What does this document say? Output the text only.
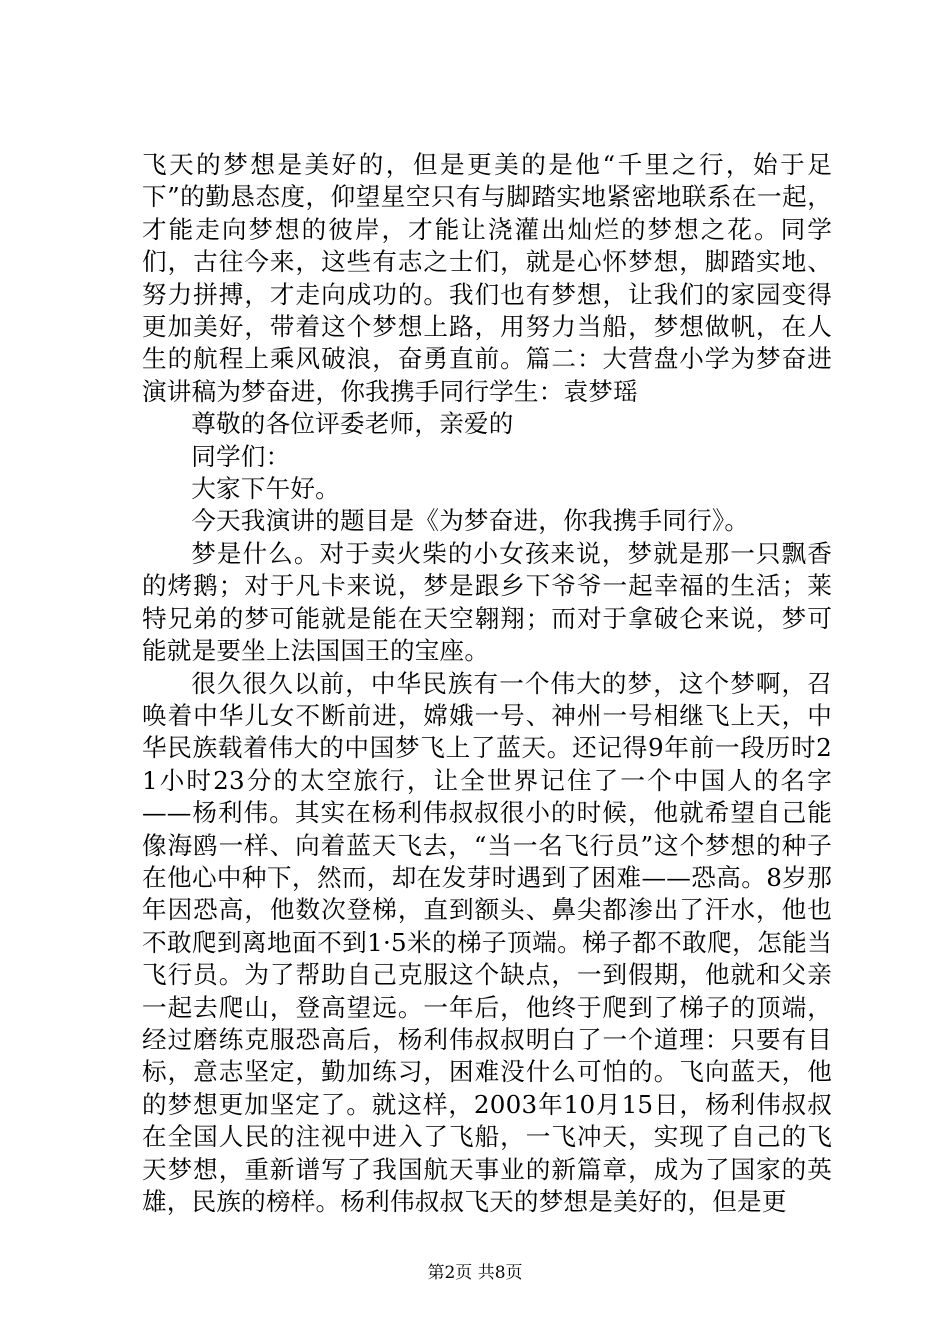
飞天的梦想是美好的，但是更美的是他“千里之行，始于足下”的勤恳态度，仰望星空只有与脚踏实地紧密地联系在一起，才能走向梦想的彼岸，才能让浇灌出灿烂的梦想之花。同学们，古往今来，这些有志之士们，就是心怀梦想，脚踏实地、努力拼搏，才走向成功的。我们也有梦想，让我们的家园变得更加美好，带着这个梦想上路，用努力当船，梦想做帆，在人生的航程上乘风破浪，奋勇直前。篇二：大营盘小学为梦奋进演讲稿为梦奋进，你我携手同行学生：袁梦瑶

尊敬的各位评委老师，亲爱的

同学们：

大家下午好。

今天我演讲的题目是《为梦奋进，你我携手同行》。

梦是什么。对于卖火柴的小女孩来说，梦就是那一只飘香的烤鹅；对于凡卡来说，梦是跟乡下爷爷一起幸福的生活；莱特兄弟的梦可能就是能在天空翱翔；而对于拿破仑来说，梦可能就是要坐上法国国王的宝座。

很久很久以前，中华民族有一个伟大的梦，这个梦啊，召唤着中华儿女不断前进，嫦娥一号、神州一号相继飞上天，中华民族载着伟大的中国梦飞上了蓝天。还记得9年前一段历时21小时23分的太空旅行，让全世界记住了一个中国人的名字——杨利伟。其实在杨利伟叔叔很小的时候，他就希望自己能像海鸥一样、向着蓝天飞去，“当一名飞行员”这个梦想的种子在他心中种下，然而，却在发芽时遇到了困难——恐高。8岁那年因恐高，他数次登梯，直到额头、鼻尖都渗出了汗水，他也不敢爬到离地面不到1·5米的梯子顶端。梯子都不敢爬，怎能当飞行员。为了帮助自己克服这个缺点，一到假期，他就和父亲一起去爬山，登高望远。一年后，他终于爬到了梯子的顶端，经过磨练克服恐高后，杨利伟叔叔明白了一个道理：只要有目标，意志坚定，勤加练习，困难没什么可怕的。飞向蓝天，他的梦想更加坚定了。就这样，2003年10月15日，杨利伟叔叔在全国人民的注视中进入了飞船，一飞冲天，实现了自己的飞天梦想，重新谱写了我国航天事业的新篇章，成为了国家的英雄，民族的榜样。杨利伟叔叔飞天的梦想是美好的，但是更

第2页 共8页
